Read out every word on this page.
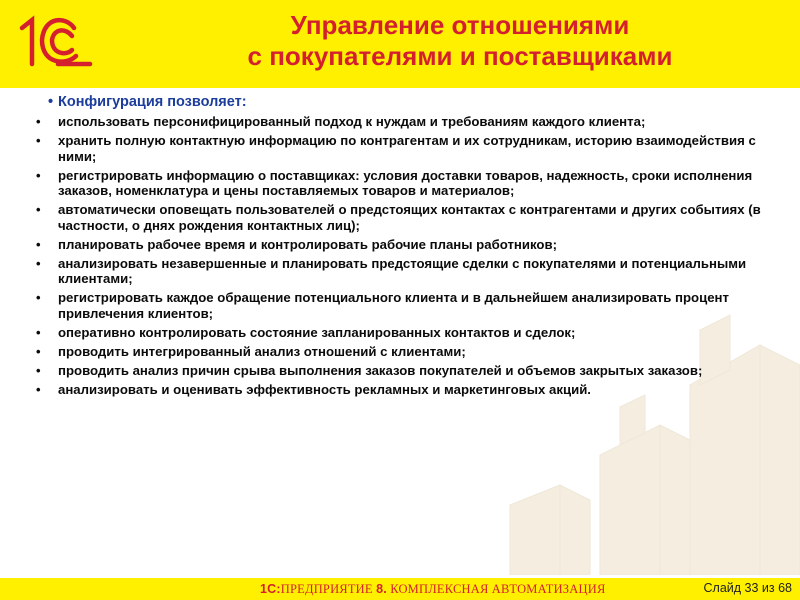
Управление отношениями
с покупателями и поставщиками
• Конфигурация позволяет:
• использовать персонифицированный подход к нуждам и требованиям каждого клиента;
• хранить полную контактную информацию по контрагентам и их сотрудникам, историю взаимодействия с ними;
• регистрировать информацию о поставщиках: условия доставки товаров, надежность, сроки исполнения заказов, номенклатура и цены поставляемых товаров и материалов;
• автоматически оповещать пользователей о предстоящих контактах с контрагентами и других событиях (в частности, о днях рождения контактных лиц);
• планировать рабочее время и контролировать рабочие планы работников;
• анализировать незавершенные и планировать предстоящие сделки с покупателями и потенциальными клиентами;
• регистрировать каждое обращение потенциального клиента и в дальнейшем анализировать процент привлечения клиентов;
• оперативно контролировать состояние запланированных контактов и сделок;
• проводить интегрированный анализ отношений с клиентами;
• проводить анализ причин срыва выполнения заказов покупателей и объемов закрытых заказов;
• анализировать и оценивать эффективность рекламных и маркетинговых акций.
1С:ПРЕДПРИЯТИЕ 8. КОМПЛЕКСНАЯ АВТОМАТИЗАЦИЯ	Слайд 33 из 68
